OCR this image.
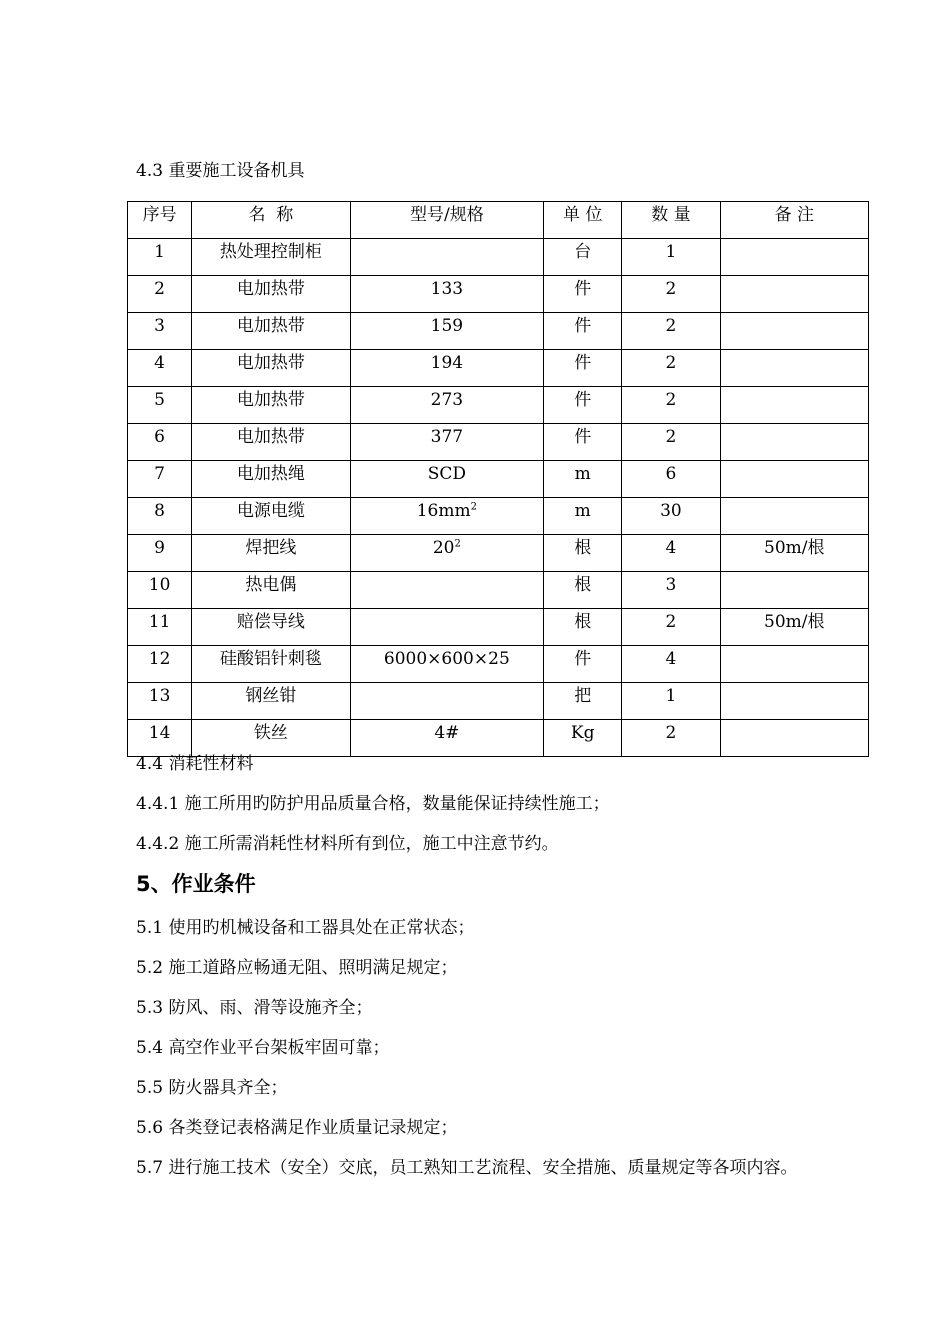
4.3 重要施工设备机具
序号	名  称	型号/规格	单 位	数 量	备 注
1	热处理控制柜		台	1	
2	电加热带	133	件	2	
3	电加热带	159	件	2	
4	电加热带	194	件	2	
5	电加热带	273	件	2	
6	电加热带	377	件	2	
7	电加热绳	SCD	m	6	
8	电源电缆	$16mm^2$	m	30	
9	焊把线	$20^2$	根	4	50m/根
10	热电偶		根	3	
11	赔偿导线		根	2	50m/根
12	硅酸铝针刺毯	6000×600×25	件	4	
13	钢丝钳		把	1	
14	铁丝	4#	Kg	2	
4.4 消耗性材料
4.4.1 施工所用旳防护用品质量合格，数量能保证持续性施工；
4.4.2 施工所需消耗性材料所有到位，施工中注意节约。
5、作业条件
5.1 使用旳机械设备和工器具处在正常状态；
5.2 施工道路应畅通无阻、照明满足规定；
5.3 防风、雨、滑等设施齐全；
5.4 高空作业平台架板牢固可靠；
5.5 防火器具齐全；
5.6 各类登记表格满足作业质量记录规定；
5.7 进行施工技术（安全）交底，员工熟知工艺流程、安全措施、质量规定等各项内容。
